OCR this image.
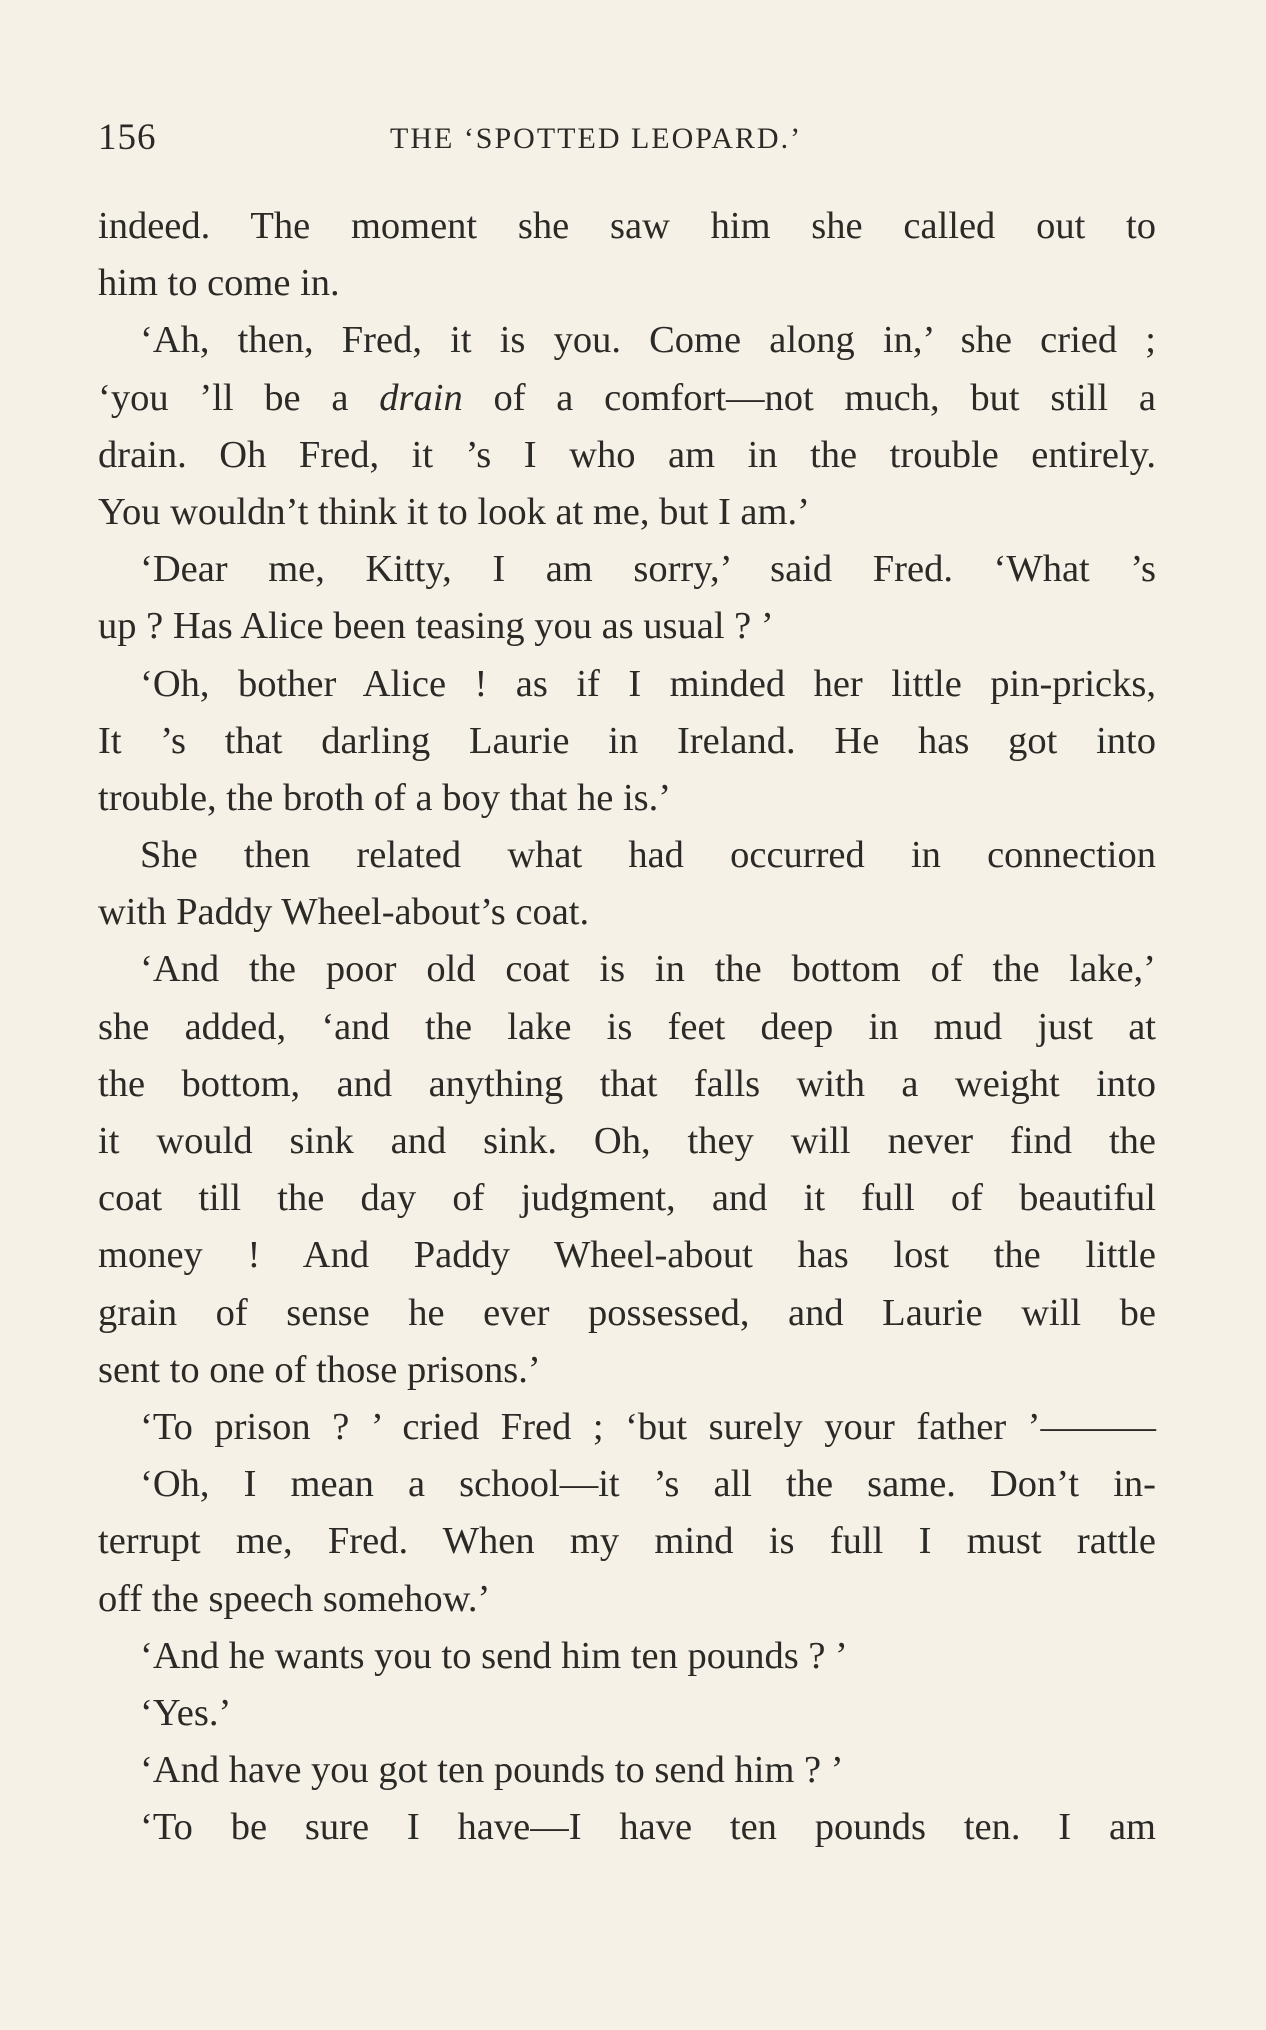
156	THE ‘SPOTTED LEOPARD.’
indeed. The moment she saw him she called out to
him to come in.
‘Ah, then, Fred, it is you. Come along in,’ she cried ;
‘you ’ll be a drain of a comfort—not much, but still a
drain. Oh Fred, it ’s I who am in the trouble entirely.
You wouldn’t think it to look at me, but I am.’
‘Dear me, Kitty, I am sorry,’ said Fred. ‘What ’s
up ? Has Alice been teasing you as usual ? ’
‘Oh, bother Alice ! as if I minded her little pin-pricks,
It ’s that darling Laurie in Ireland. He has got into
trouble, the broth of a boy that he is.’
She then related what had occurred in connection
with Paddy Wheel-about’s coat.
‘And the poor old coat is in the bottom of the lake,’
she added, ‘and the lake is feet deep in mud just at
the bottom, and anything that falls with a weight into
it would sink and sink. Oh, they will never find the
coat till the day of judgment, and it full of beautiful
money ! And Paddy Wheel-about has lost the little
grain of sense he ever possessed, and Laurie will be
sent to one of those prisons.’
‘To prison ? ’ cried Fred ; ‘but surely your father ’———
‘Oh, I mean a school—it ’s all the same. Don’t in-
terrupt me, Fred. When my mind is full I must rattle
off the speech somehow.’
‘And he wants you to send him ten pounds ? ’
‘Yes.’
‘And have you got ten pounds to send him ? ’
‘To be sure I have—I have ten pounds ten. I am
